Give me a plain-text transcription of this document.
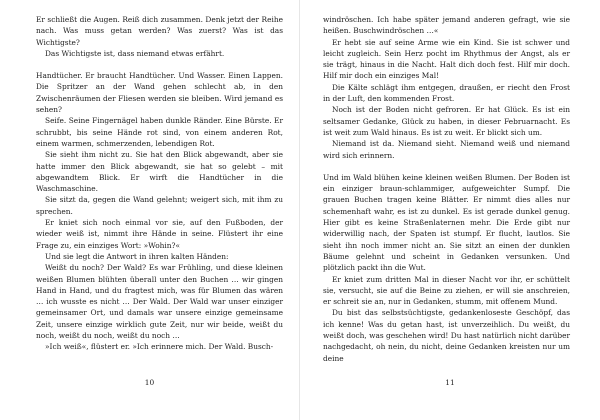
Er schließt die Augen. Reiß dich zusammen. Denk jetzt der Reihe nach. Was muss getan werden? Was zuerst? Was ist das Wichtigste?

Das Wichtigste ist, dass niemand etwas erfährt.

Handtücher. Er braucht Handtücher. Und Wasser. Einen Lappen. Die Spritzer an der Wand gehen schlecht ab, in den Zwischenräumen der Fliesen werden sie bleiben. Wird jemand es sehen?

Seife. Seine Fingernägel haben dunkle Ränder. Eine Bürste. Er schrubbt, bis seine Hände rot sind, von einem anderen Rot, einem warmen, schmerzenden, lebendigen Rot.

Sie sieht ihm nicht zu. Sie hat den Blick abgewandt, aber sie hatte immer den Blick abgewandt, sie hat so gelebt – mit abgewandtem Blick. Er wirft die Handtücher in die Waschmaschine.

Sie sitzt da, gegen die Wand gelehnt; weigert sich, mit ihm zu sprechen.

Er kniet sich noch einmal vor sie, auf den Fußboden, der wieder weiß ist, nimmt ihre Hände in seine. Flüstert ihr eine Frage zu, ein einziges Wort: »Wohin?«

Und sie legt die Antwort in ihren kalten Händen:

Weißt du noch? Der Wald? Es war Frühling, und diese kleinen weißen Blumen blühten überall unter den Buchen … wir gingen Hand in Hand, und du fragtest mich, was für Blumen das wären … ich wusste es nicht … Der Wald. Der Wald war unser einziger gemeinsamer Ort, und damals war unsere einzige gemeinsame Zeit, unsere einzige wirklich gute Zeit, nur wir beide, weißt du noch, weißt du noch, weißt du noch …

»Ich weiß«, flüstert er. »Ich erinnere mich. Der Wald. Busch-

10

windröschen. Ich habe später jemand anderen gefragt, wie sie heißen. Buschwindröschen …«

Er hebt sie auf seine Arme wie ein Kind. Sie ist schwer und leicht zugleich. Sein Herz pocht im Rhythmus der Angst, als er sie trägt, hinaus in die Nacht. Halt dich doch fest. Hilf mir doch. Hilf mir doch ein einziges Mal!

Die Kälte schlägt ihm entgegen, draußen, er riecht den Frost in der Luft, den kommenden Frost.

Noch ist der Boden nicht gefroren. Er hat Glück. Es ist ein seltsamer Gedanke, Glück zu haben, in dieser Februarnacht. Es ist weit zum Wald hinaus. Es ist zu weit. Er blickt sich um.

Niemand ist da. Niemand sieht. Niemand weiß und niemand wird sich erinnern.

Und im Wald blühen keine kleinen weißen Blumen. Der Boden ist ein einziger braun-schlammiger, aufgeweichter Sumpf. Die grauen Buchen tragen keine Blätter. Er nimmt dies alles nur schemenhaft wahr, es ist zu dunkel. Es ist gerade dunkel genug. Hier gibt es keine Straßenlaternen mehr. Die Erde gibt nur widerwillig nach, der Spaten ist stumpf. Er flucht, lautlos. Sie sieht ihn noch immer nicht an. Sie sitzt an einen der dunklen Bäume gelehnt und scheint in Gedanken versunken. Und plötzlich packt ihn die Wut.

Er kniet zum dritten Mal in dieser Nacht vor ihr, er schüttelt sie, versucht, sie auf die Beine zu ziehen, er will sie anschreien, er schreit sie an, nur in Gedanken, stumm, mit offenem Mund.

Du bist das selbstsüchtigste, gedankenloseste Geschöpf, das ich kenne! Was du getan hast, ist unverzeihlich. Du weißt, du weißt doch, was geschehen wird! Du hast natürlich nicht darüber nachgedacht, oh nein, du nicht, deine Gedanken kreisten nur um deine

11
